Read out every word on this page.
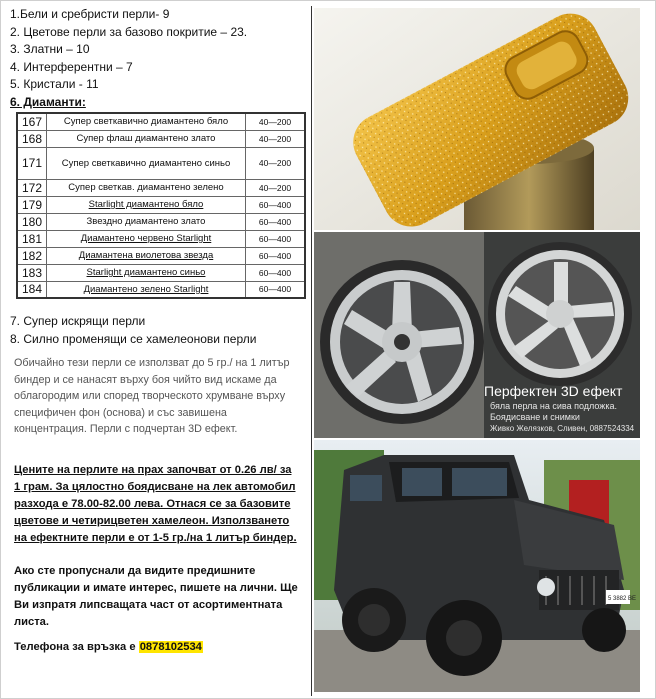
1.Бели и сребристи перли- 9
2. Цветове перли за базово покритие – 23.
3. Златни – 10
4. Интерферентни – 7
5. Кристали - 11
6. Диаманти:
167	Супер светкавично диамантено бяло	40—200
168	Супер флаш диамантено злато	40—200
171	Супер светкавично диамантено синьо	40—200
172	Супер светкав. диамантено зелено	40—200
179	Starlight диамантено бяло	60—400
180	Звездно диамантено злато	60—400
181	Диамантено червено Starlight	60—400
182	Диамантена виолетова звезда	60—400
183	Starlight диамантено синьо	60—400
184	Диамантено зелено Starlight	60—400
7. Супер искрящи перли
8. Силно променящи се хамелеонови перли
Обичайно тези перли се използват до 5 гр./ на 1 литър биндер и се нанасят върху боя чийто вид искаме да облагородим или според творческото хрумване върху специфичен фон (основа) и със завишена концентрация. Перли с подчертан 3D ефект.
Цените на перлите на прах започват от 0.26 лв/ за 1 грам. За цялостно боядисване на лек автомобил разхода е 78.00-82.00 лева. Отнася се за базовите цветове и четирицветен хамелеон. Използването на ефектните перли е от 1-5 гр./на 1 литър биндер.
Ако сте пропуснали да видите предишните публикации и имате интерес, пишете на лични. Ще Ви изпратя липсващата част от асортиментната листа.
Телефона за връзка е 0878102534
Перфектен 3D ефект
бяла перла на сива подложка.
Боядисване и снимки
Живко Желязков, Сливен, 0887524334
5 3882 BE
